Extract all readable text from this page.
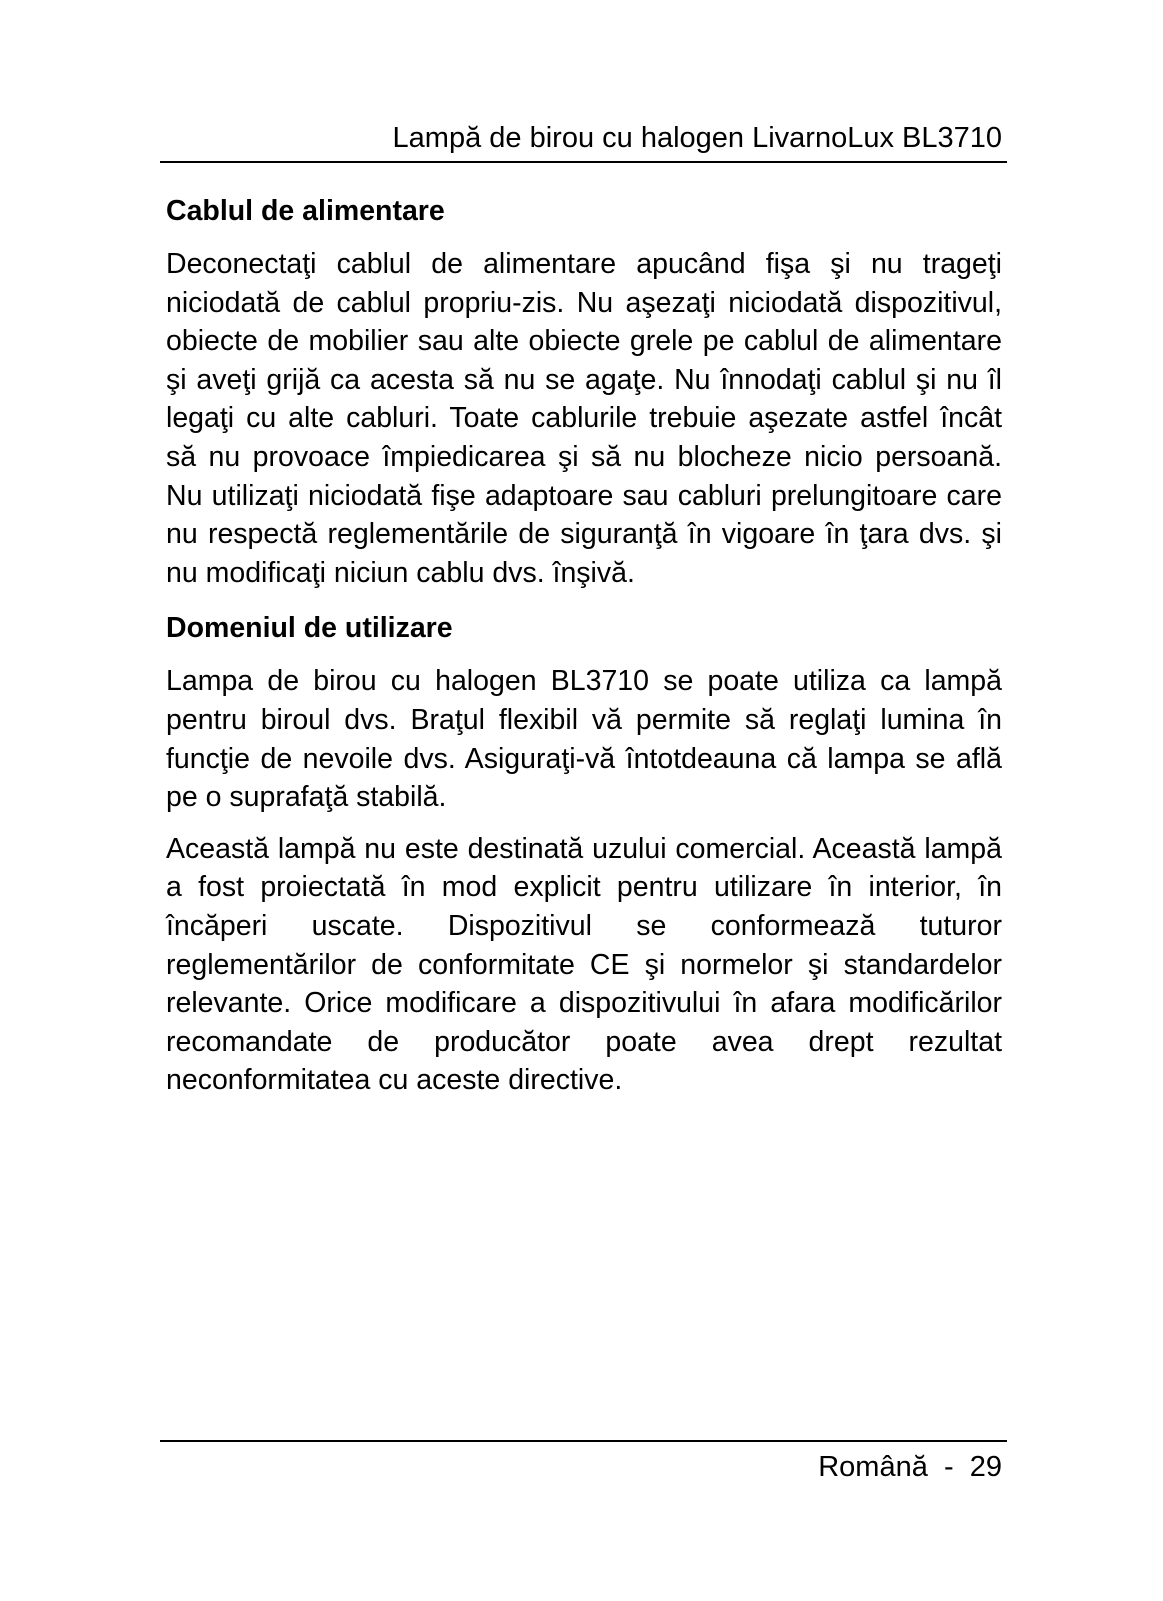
Lampă de birou cu halogen LivarnoLux BL3710
Cablul de alimentare

Deconectaţi cablul de alimentare apucând fişa şi nu trageţi niciodată de cablul propriu-zis. Nu aşezaţi niciodată dispozitivul, obiecte de mobilier sau alte obiecte grele pe cablul de alimentare şi aveţi grijă ca acesta să nu se agaţe. Nu înnodaţi cablul şi nu îl legaţi cu alte cabluri. Toate cablurile trebuie aşezate astfel încât să nu provoace împiedicarea şi să nu blocheze nicio persoană. Nu utilizaţi niciodată fişe adaptoare sau cabluri prelungitoare care nu respectă reglementările de siguranţă în vigoare în ţara dvs. şi nu modificaţi niciun cablu dvs. înşivă.

Domeniul de utilizare

Lampa de birou cu halogen BL3710 se poate utiliza ca lampă pentru biroul dvs. Braţul flexibil vă permite să reglaţi lumina în funcţie de nevoile dvs. Asiguraţi-vă întotdeauna că lampa se află pe o suprafaţă stabilă.

Această lampă nu este destinată uzului comercial. Această lampă a fost proiectată în mod explicit pentru utilizare în interior, în încăperi uscate. Dispozitivul se conformează tuturor reglementărilor de conformitate CE şi normelor şi standardelor relevante. Orice modificare a dispozitivului în afara modificărilor recomandate de producător poate avea drept rezultat neconformitatea cu aceste directive.

Română  -  29
